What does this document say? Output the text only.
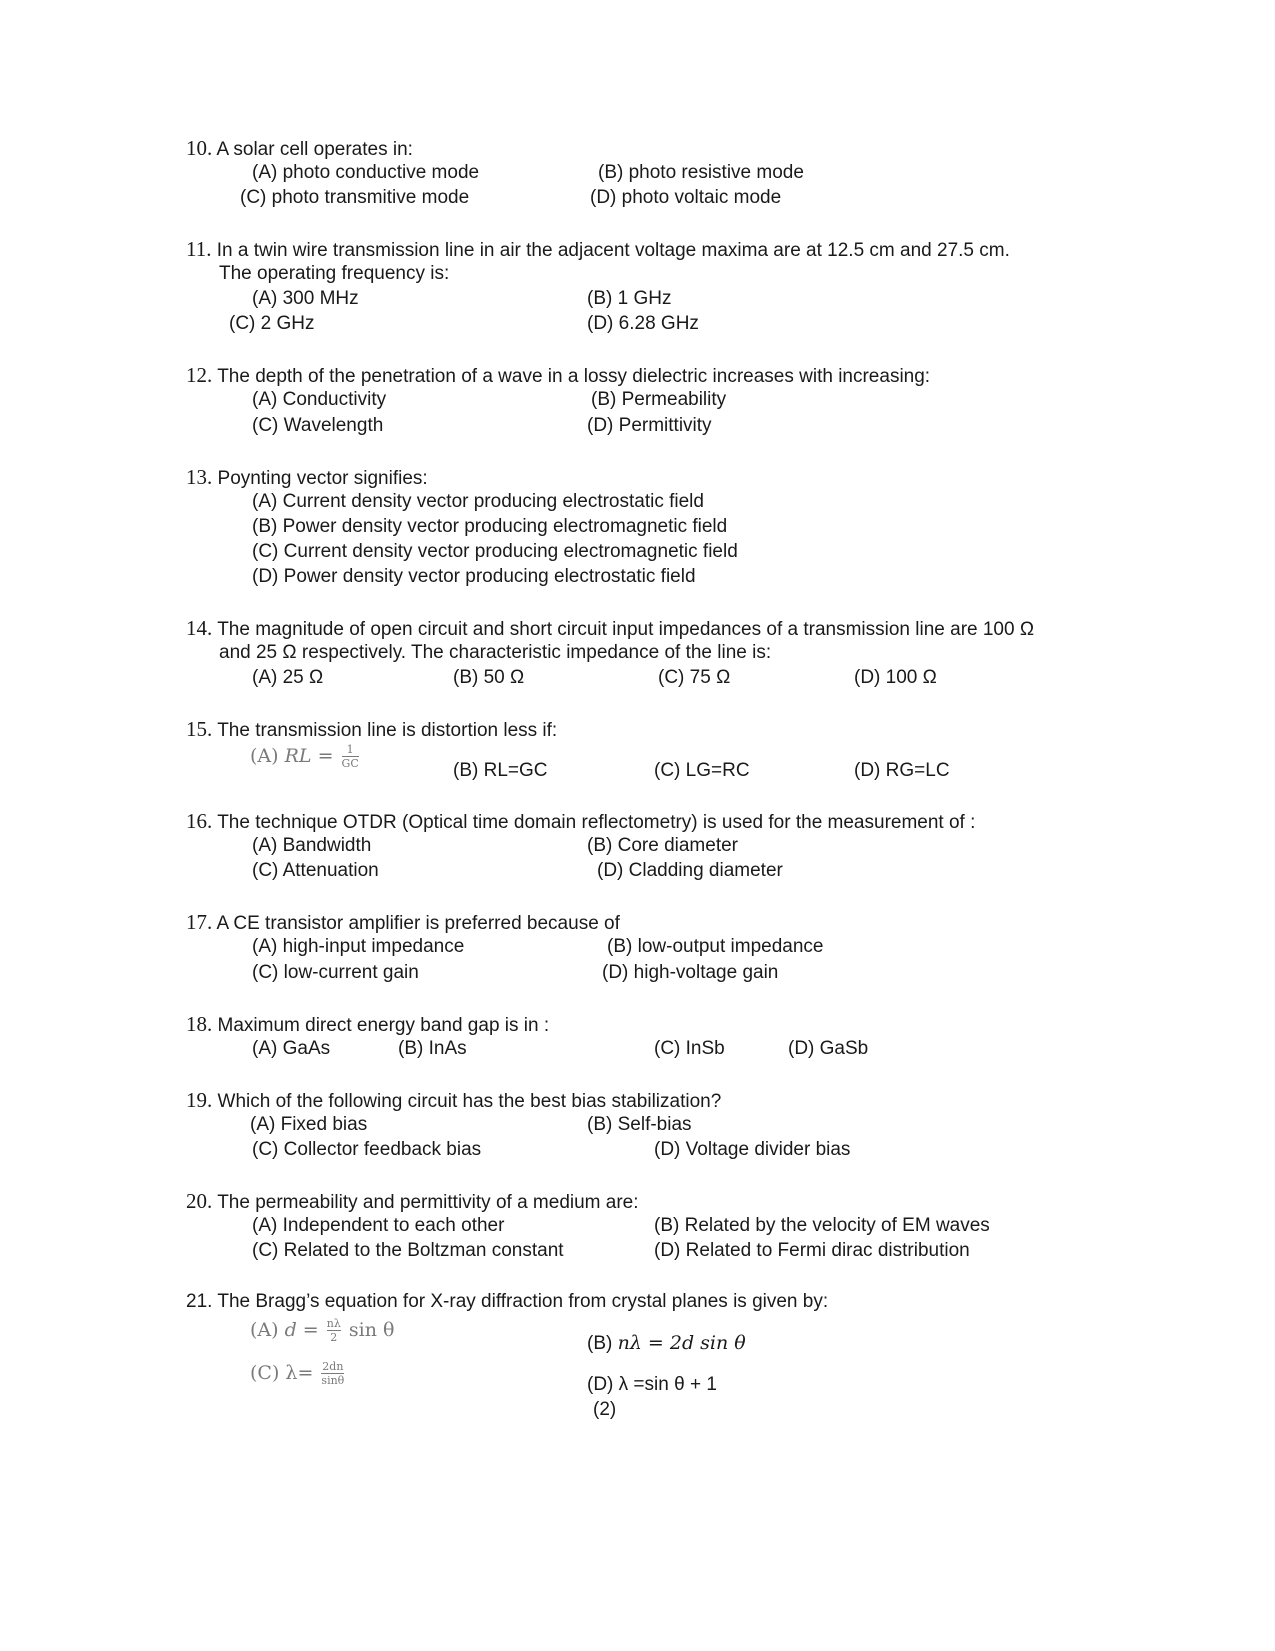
10. A solar cell operates in:
(A) photo conductive mode	(B) photo resistive mode
(C) photo transmitive mode	(D) photo voltaic mode
11. In a twin wire transmission line in air the adjacent voltage maxima are at 12.5 cm and 27.5 cm.
The operating frequency is:
(A) 300 MHz	(B) 1 GHz
(C) 2 GHz	(D) 6.28 GHz
12. The depth of the penetration of a wave in a lossy dielectric increases with increasing:
(A) Conductivity	(B) Permeability
(C) Wavelength	(D) Permittivity
13. Poynting vector signifies:
(A) Current density vector producing electrostatic field
(B) Power density vector producing electromagnetic field
(C) Current density vector producing electromagnetic field
(D) Power density vector producing electrostatic field
14. The magnitude of open circuit and short circuit input impedances of a transmission line are 100 Ω
and 25 Ω respectively. The characteristic impedance of the line is:
(A) 25 Ω	(B) 50 Ω	(C) 75 Ω	(D) 100 Ω
15. The transmission line is distortion less if:
(A) RL = $\frac{1}{GC}$
(B) RL=GC	(C) LG=RC	(D) RG=LC
16. The technique OTDR (Optical time domain reflectometry) is used for the measurement of :
(A) Bandwidth	(B) Core diameter
(C) Attenuation	(D) Cladding diameter
17. A CE transistor amplifier is preferred because of
(A) high-input impedance	(B) low-output impedance
(C) low-current gain	(D) high-voltage gain
18. Maximum direct energy band gap is in :
(A) GaAs	(B) InAs	(C) InSb	(D) GaSb
19. Which of the following circuit has the best bias stabilization?
(A) Fixed bias	(B) Self-bias
(C) Collector feedback bias	(D) Voltage divider bias
20. The permeability and permittivity of a medium are:
(A) Independent to each other	(B) Related by the velocity of EM waves
(C) Related to the Boltzman constant	(D) Related to Fermi dirac distribution
21. The Bragg’s equation for X-ray diffraction from crystal planes is given by:
(A) $d = \frac{n\lambda}{2}$ sin θ
(B) nλ = 2d sin θ
(C) $\lambda= \frac{2dn}{\sin\theta}$	(D) λ =sin θ + 1
(2)
